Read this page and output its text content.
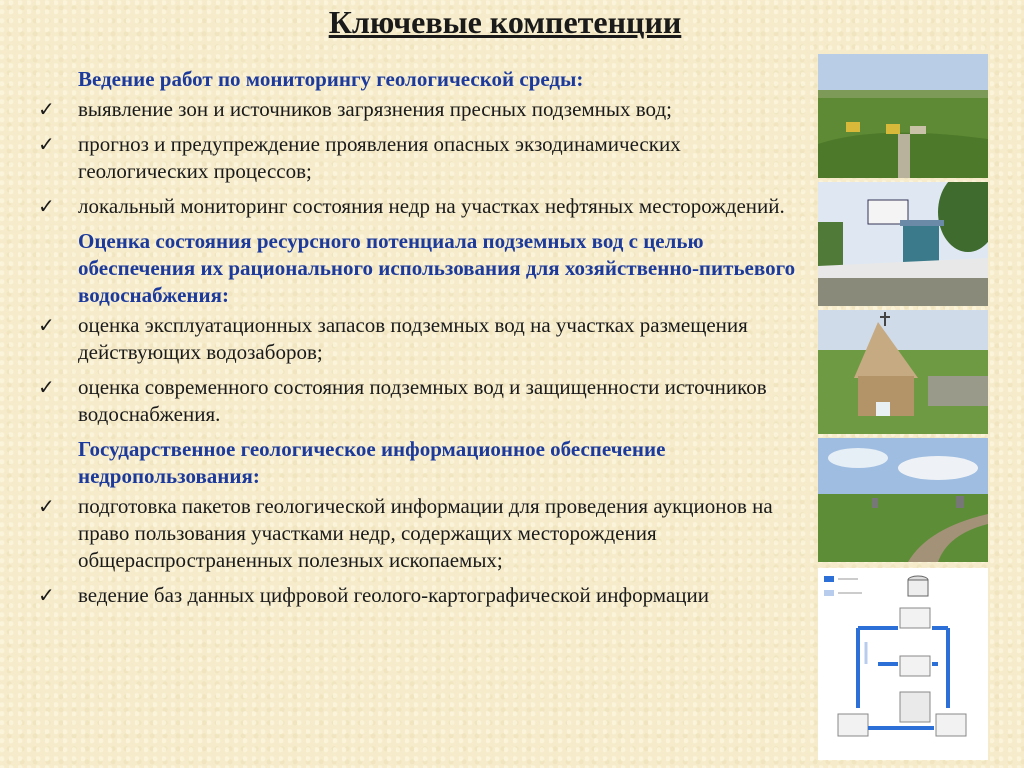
Ключевые компетенции
Ведение работ по мониторингу геологической среды:
✓	выявление зон и источников загрязнения пресных подземных вод;
✓	прогноз и предупреждение проявления опасных экзодинамических геологических процессов;
✓	локальный мониторинг состояния недр на участках нефтяных месторождений.
Оценка состояния ресурсного потенциала подземных вод с целью обеспечения их рационального использования для хозяйственно-питьевого водоснабжения:
✓	оценка эксплуатационных запасов подземных вод на участках размещения действующих водозаборов;
✓	оценка современного состояния подземных вод и защищенности источников водоснабжения.
Государственное геологическое информационное обеспечение недропользования:
✓	подготовка пакетов геологической информации для проведения аукционов на право пользования участками недр, содержащих месторождения общераспространенных полезных ископаемых;
✓	ведение баз данных цифровой геолого-картографической информации
